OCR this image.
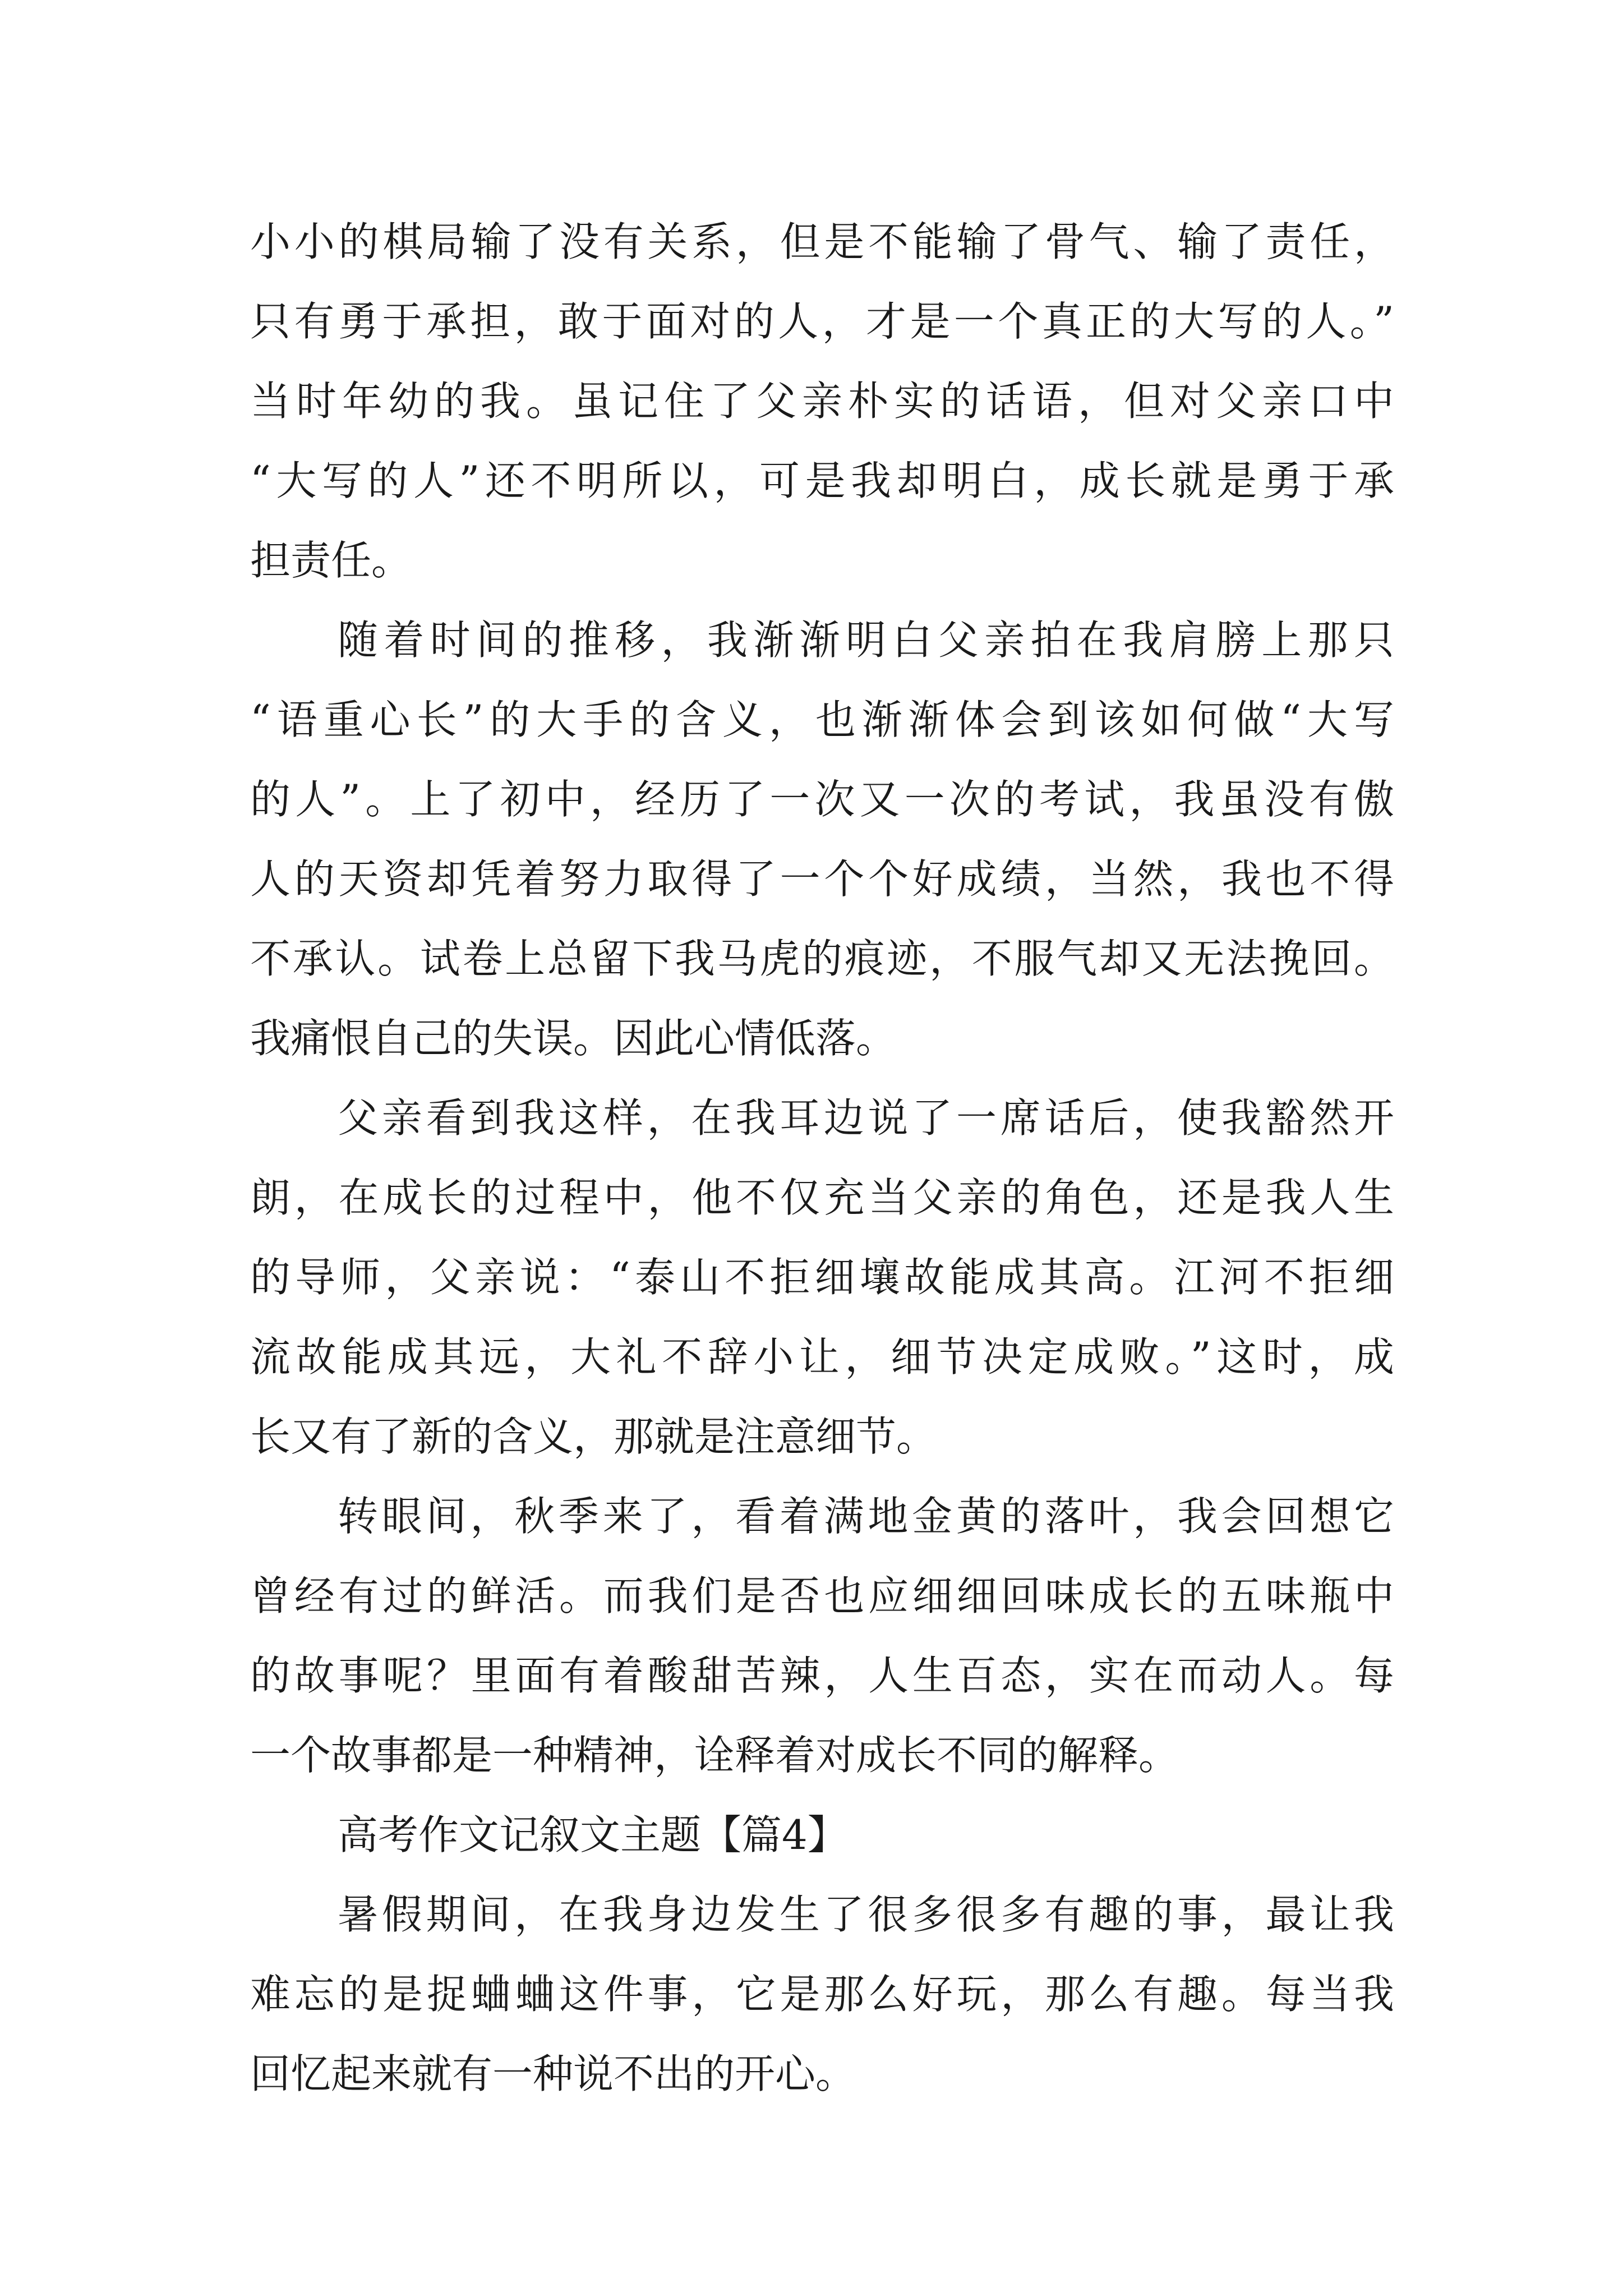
小小的棋局输了没有关系，但是不能输了骨气、输了责任，
只有勇于承担，敢于面对的人，才是一个真正的大写的人。”
当时年幼的我。虽记住了父亲朴实的话语，但对父亲口中
“大写的人”还不明所以，可是我却明白，成长就是勇于承
担责任。
随着时间的推移，我渐渐明白父亲拍在我肩膀上那只
“语重心长”的大手的含义，也渐渐体会到该如何做“大写
的人”。上了初中，经历了一次又一次的考试，我虽没有傲
人的天资却凭着努力取得了一个个好成绩，当然，我也不得
不承认。试卷上总留下我马虎的痕迹，不服气却又无法挽回。
我痛恨自己的失误。因此心情低落。
父亲看到我这样，在我耳边说了一席话后，使我豁然开
朗，在成长的过程中，他不仅充当父亲的角色，还是我人生
的导师，父亲说：“泰山不拒细壤故能成其高。江河不拒细
流故能成其远，大礼不辞小让，细节决定成败。”这时，成
长又有了新的含义，那就是注意细节。
转眼间，秋季来了，看着满地金黄的落叶，我会回想它
曾经有过的鲜活。而我们是否也应细细回味成长的五味瓶中
的故事呢？里面有着酸甜苦辣，人生百态，实在而动人。每
一个故事都是一种精神，诠释着对成长不同的解释。
高考作文记叙文主题【篇4】
暑假期间，在我身边发生了很多很多有趣的事，最让我
难忘的是捉蛐蛐这件事，它是那么好玩，那么有趣。每当我
回忆起来就有一种说不出的开心。
